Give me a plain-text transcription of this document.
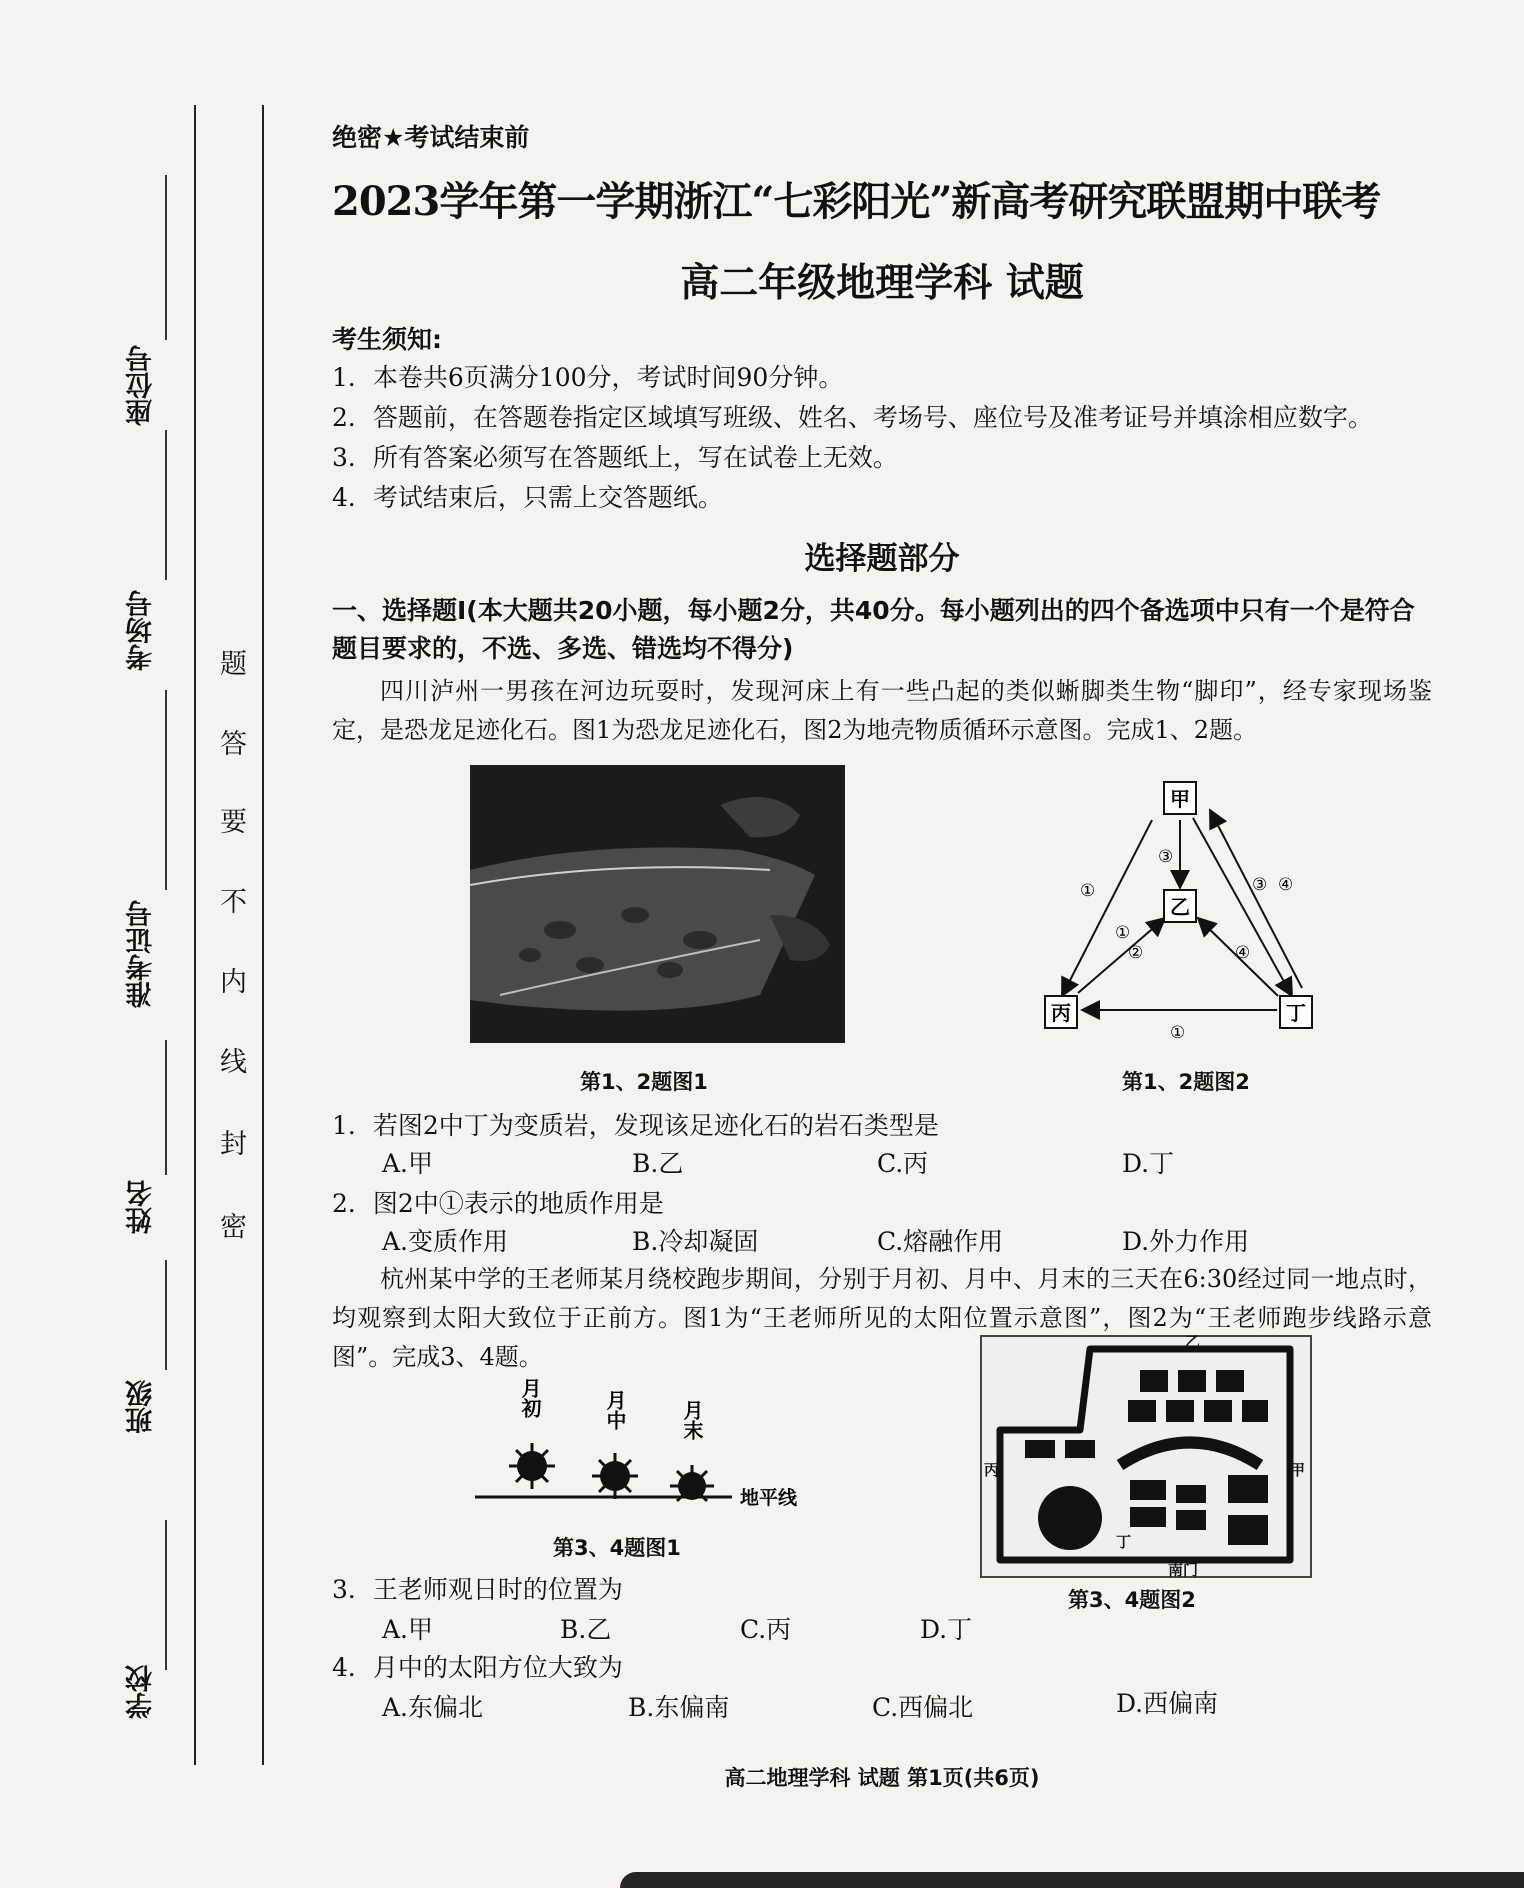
座位号
考场号
准考证号
姓名
班级
学校
密
封
线
内
不
要
答
题
绝密★考试结束前
2023学年第一学期浙江“七彩阳光”新高考研究联盟期中联考
高二年级地理学科 试题
考生须知:
1．本卷共6页满分100分，考试时间90分钟。
2．答题前，在答题卷指定区域填写班级、姓名、考场号、座位号及准考证号并填涂相应数字。
3．所有答案必须写在答题纸上，写在试卷上无效。
4．考试结束后，只需上交答题纸。
选择题部分
一、选择题Ⅰ(本大题共20小题，每小题2分，共40分。每小题列出的四个备选项中只有一个是符合题目要求的，不选、多选、错选均不得分)
四川泸州一男孩在河边玩耍时，发现河床上有一些凸起的类似蜥脚类生物“脚印”，经专家现场鉴定，是恐龙足迹化石。图1为恐龙足迹化石，图2为地壳物质循环示意图。完成1、2题。
第1、2题图1
甲
乙
丙	丁
③
①	③ ④
①
②	④
①
第1、2题图2
1．若图2中丁为变质岩，发现该足迹化石的岩石类型是
A.甲	B.乙	C.丙	D.丁
2．图2中①表示的地质作用是
A.变质作用	B.冷却凝固	C.熔融作用	D.外力作用
杭州某中学的王老师某月绕校跑步期间，分别于月初、月中、月末的三天在6:30经过同一地点时，均观察到太阳大致位于正前方。图1为“王老师所见的太阳位置示意图”，图2为“王老师跑步线路示意图”。完成3、4题。
月初	月中	月末
地平线
第3、4题图1
乙
甲
丙
丁
南门
第3、4题图2
3．王老师观日时的位置为
A.甲	B.乙	C.丙	D.丁
4．月中的太阳方位大致为
A.东偏北	B.东偏南	C.西偏北	D.西偏南
高二地理学科 试题 第1页(共6页)
